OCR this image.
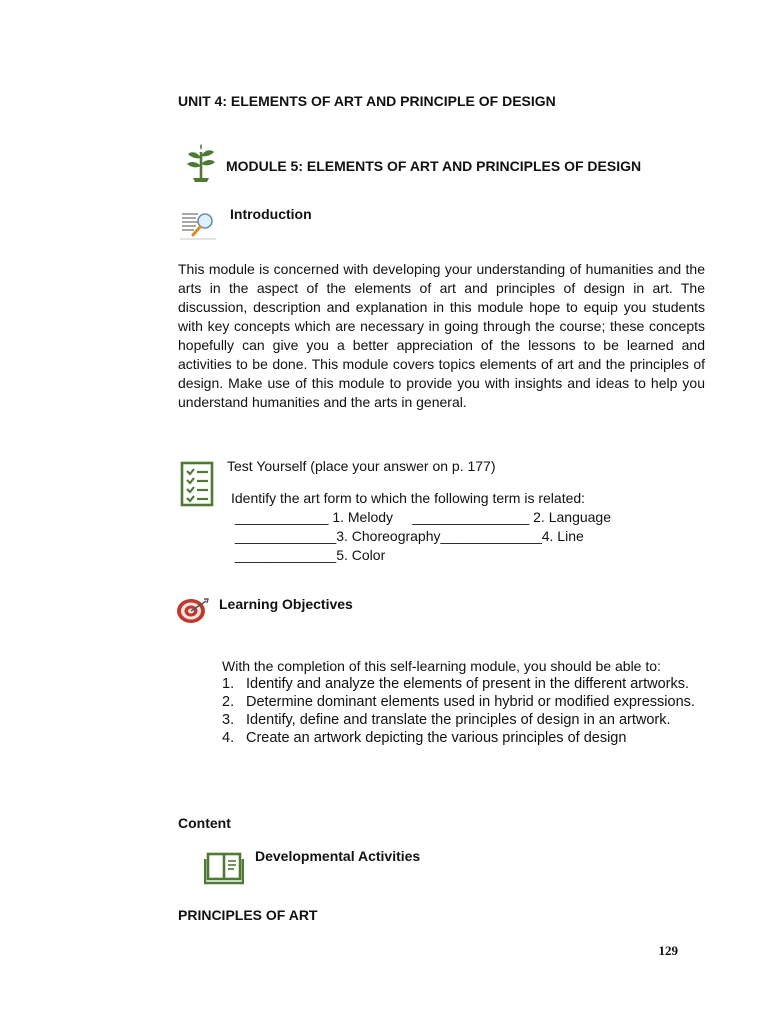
UNIT 4: ELEMENTS OF ART AND PRINCIPLE OF DESIGN
MODULE 5: ELEMENTS OF ART AND PRINCIPLES OF DESIGN
Introduction
This module is concerned with developing your understanding of humanities and the arts in the aspect of the elements of art and principles of design in art. The discussion, description and explanation in this module hope to equip you students with key concepts which are necessary in going through the course; these concepts hopefully can give you a better appreciation of the lessons to be learned and activities to be done. This module covers topics elements of art and the principles of design. Make use of this module to provide you with insights and ideas to help you understand humanities and the arts in general.
Test Yourself (place your answer on p. 177)
Identify the art form to which the following term is related:
____________ 1. Melody     _______________ 2. Language
_____________3. Choreography_____________4. Line
_____________5. Color
Learning Objectives
With the completion of this self-learning module, you should be able to:
1. Identify and analyze the elements of present in the different artworks.
2. Determine dominant elements used in hybrid or modified expressions.
3. Identify, define and translate the principles of design in an artwork.
4. Create an artwork depicting the various principles of design
Content
Developmental Activities
PRINCIPLES OF ART
129
